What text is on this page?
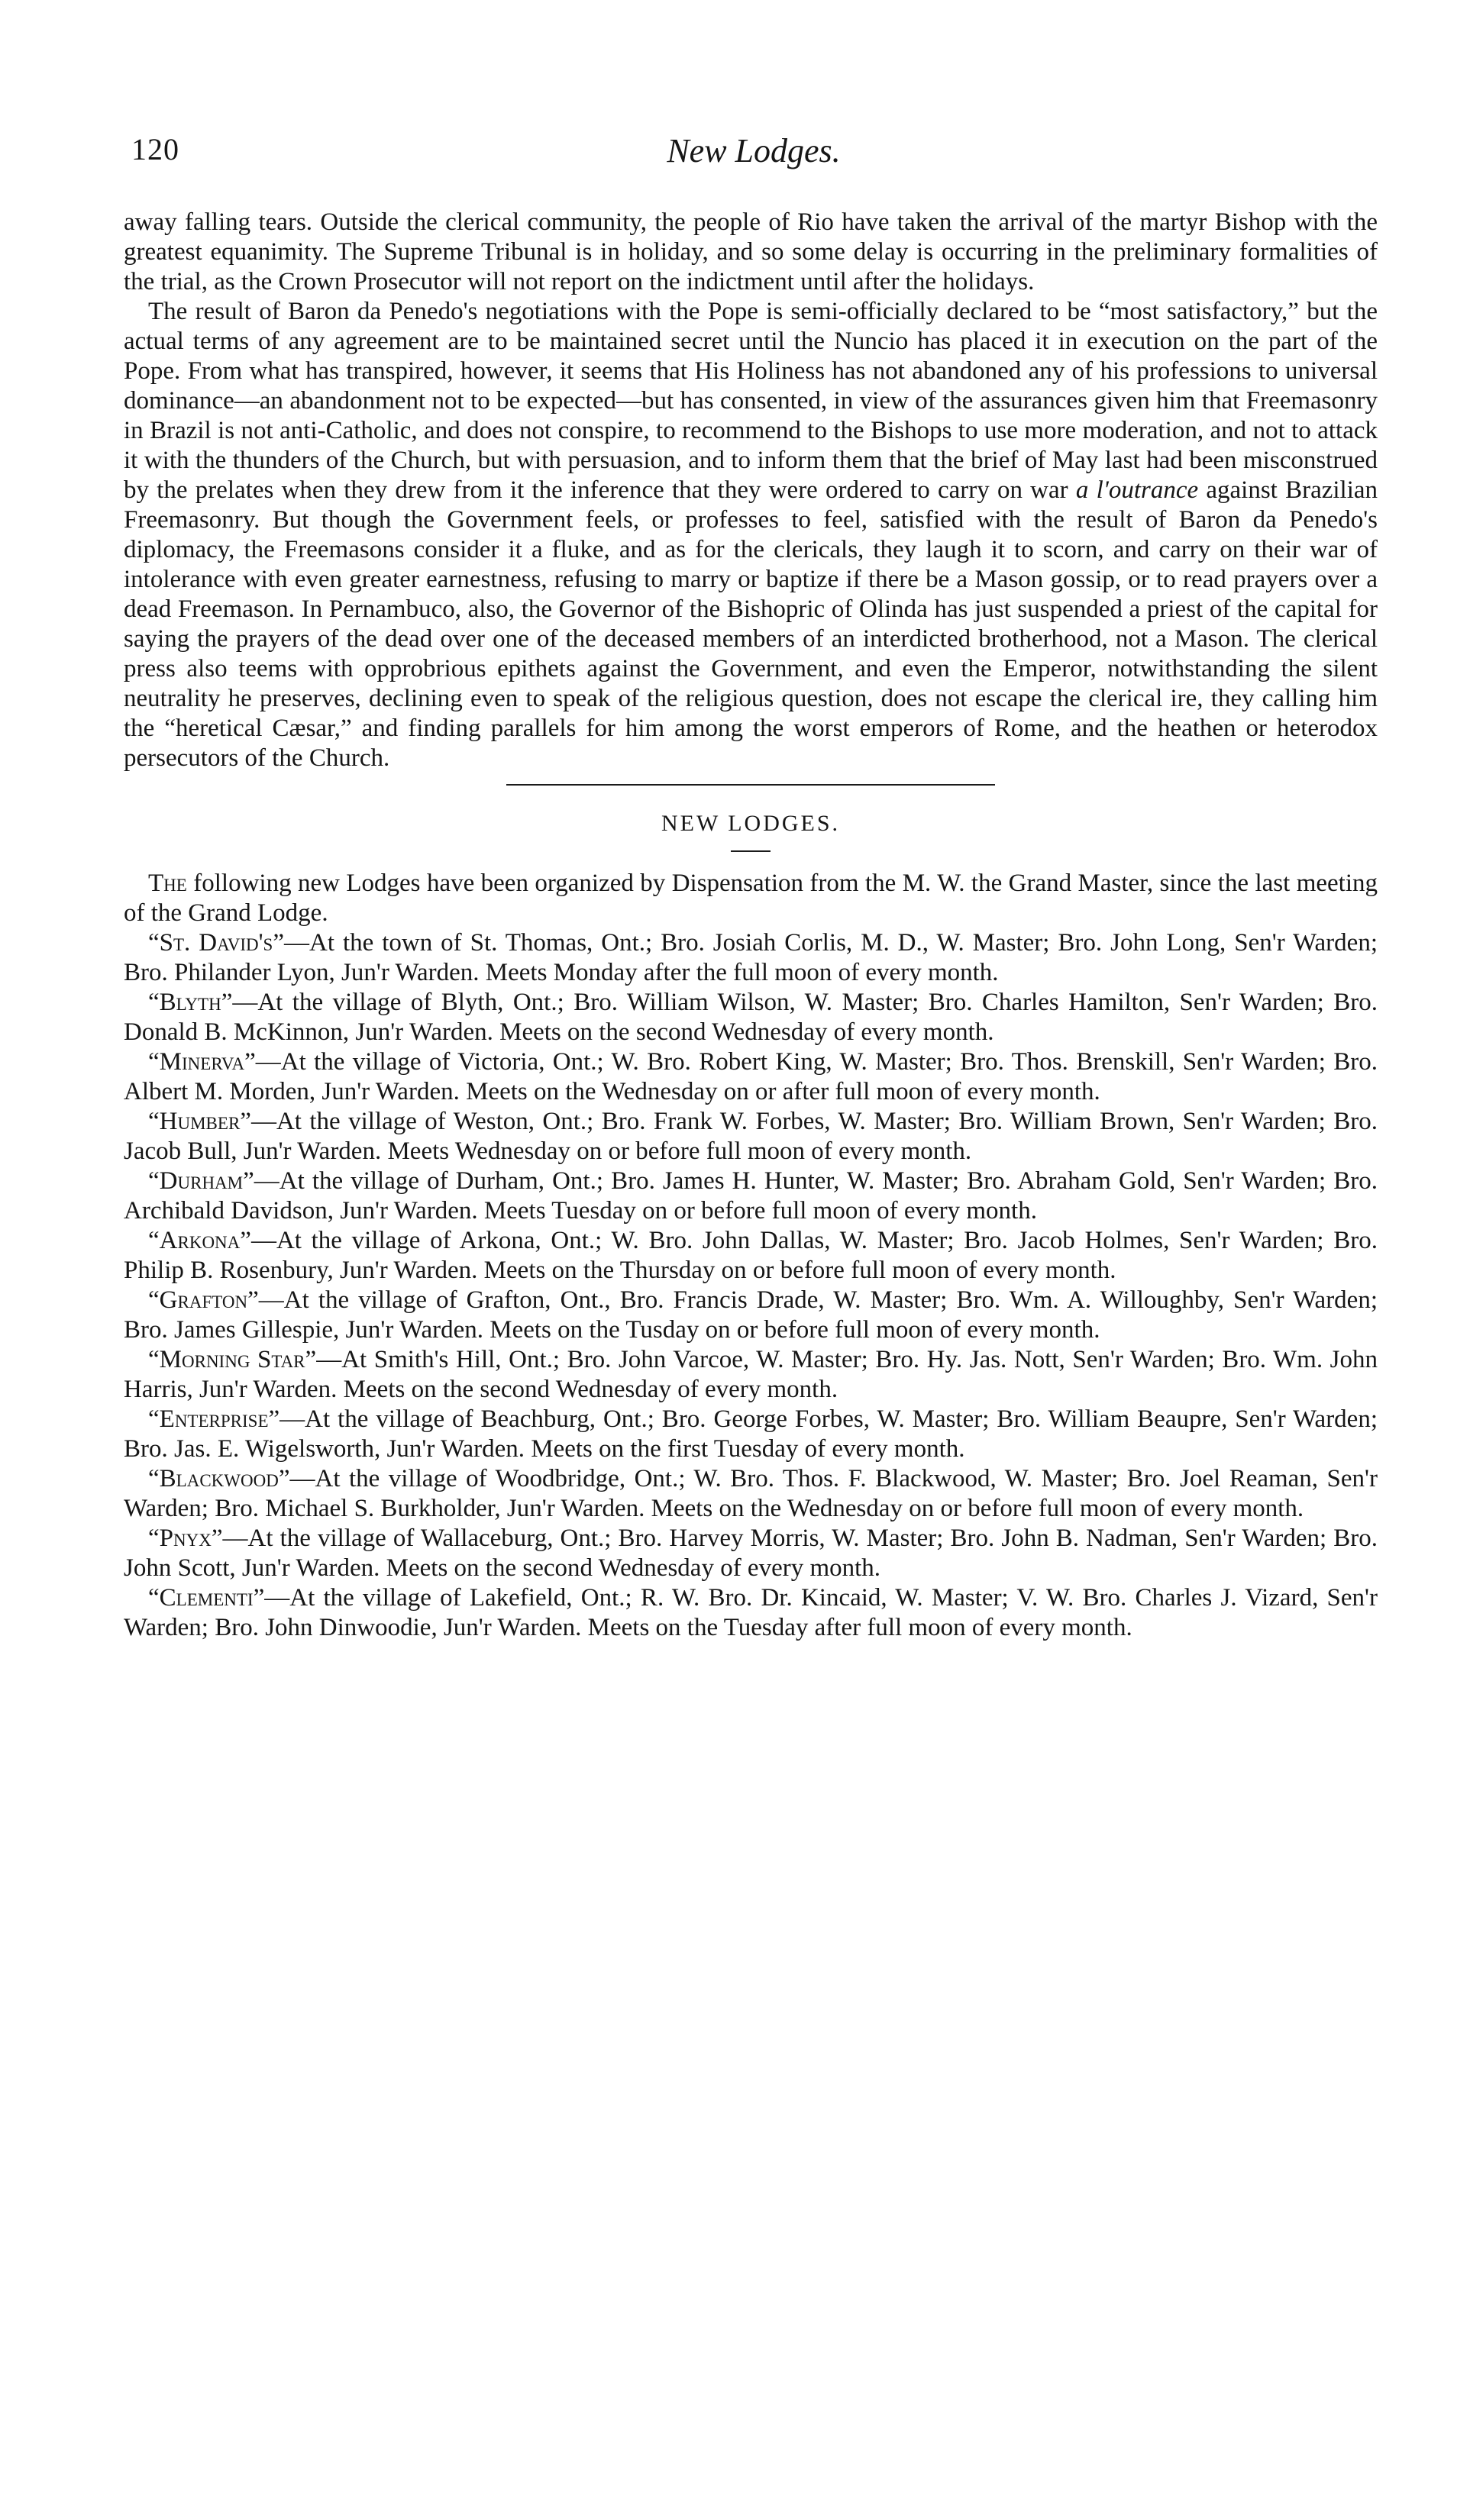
120	New Lodges.

away falling tears. Outside the clerical community, the people of Rio have taken the arrival of the martyr Bishop with the greatest equanimity. The Supreme Tribunal is in holiday, and so some delay is occurring in the preliminary formalities of the trial, as the Crown Prosecutor will not report on the indictment until after the holidays.

The result of Baron da Penedo's negotiations with the Pope is semi-officially declared to be “most satisfactory,” but the actual terms of any agreement are to be maintained secret until the Nuncio has placed it in execution on the part of the Pope. From what has transpired, however, it seems that His Holiness has not abandoned any of his professions to universal dominance—an abandonment not to be expected—but has consented, in view of the assurances given him that Freemasonry in Brazil is not anti-Catholic, and does not conspire, to recommend to the Bishops to use more moderation, and not to attack it with the thunders of the Church, but with persuasion, and to inform them that the brief of May last had been misconstrued by the prelates when they drew from it the inference that they were ordered to carry on war a l'outrance against Brazilian Freemasonry. But though the Government feels, or professes to feel, satisfied with the result of Baron da Penedo's diplomacy, the Freemasons consider it a fluke, and as for the clericals, they laugh it to scorn, and carry on their war of intolerance with even greater earnestness, refusing to marry or baptize if there be a Mason gossip, or to read prayers over a dead Freemason. In Pernambuco, also, the Governor of the Bishopric of Olinda has just suspended a priest of the capital for saying the prayers of the dead over one of the deceased members of an interdicted brotherhood, not a Mason. The clerical press also teems with opprobrious epithets against the Government, and even the Emperor, notwithstanding the silent neutrality he preserves, declining even to speak of the religious question, does not escape the clerical ire, they calling him the “heretical Cæsar,” and finding parallels for him among the worst emperors of Rome, and the heathen or heterodox persecutors of the Church.

NEW LODGES.

The following new Lodges have been organized by Dispensation from the M. W. the Grand Master, since the last meeting of the Grand Lodge.

“St. David's”—At the town of St. Thomas, Ont.; Bro. Josiah Corlis, M. D., W. Master; Bro. John Long, Sen'r Warden; Bro. Philander Lyon, Jun'r Warden. Meets Monday after the full moon of every month.

“Blyth”—At the village of Blyth, Ont.; Bro. William Wilson, W. Master; Bro. Charles Hamilton, Sen'r Warden; Bro. Donald B. McKinnon, Jun'r Warden. Meets on the second Wednesday of every month.

“Minerva”—At the village of Victoria, Ont.; W. Bro. Robert King, W. Master; Bro. Thos. Brenskill, Sen'r Warden; Bro. Albert M. Morden, Jun'r Warden. Meets on the Wednesday on or after full moon of every month.

“Humber”—At the village of Weston, Ont.; Bro. Frank W. Forbes, W. Master; Bro. William Brown, Sen'r Warden; Bro. Jacob Bull, Jun'r Warden. Meets Wednesday on or before full moon of every month.

“Durham”—At the village of Durham, Ont.; Bro. James H. Hunter, W. Master; Bro. Abraham Gold, Sen'r Warden; Bro. Archibald Davidson, Jun'r Warden. Meets Tuesday on or before full moon of every month.

“Arkona”—At the village of Arkona, Ont.; W. Bro. John Dallas, W. Master; Bro. Jacob Holmes, Sen'r Warden; Bro. Philip B. Rosenbury, Jun'r Warden. Meets on the Thursday on or before full moon of every month.

“Grafton”—At the village of Grafton, Ont., Bro. Francis Drade, W. Master; Bro. Wm. A. Willoughby, Sen'r Warden; Bro. James Gillespie, Jun'r Warden. Meets on the Tusday on or before full moon of every month.

“Morning Star”—At Smith's Hill, Ont.; Bro. John Varcoe, W. Master; Bro. Hy. Jas. Nott, Sen'r Warden; Bro. Wm. John Harris, Jun'r Warden. Meets on the second Wednesday of every month.

“Enterprise”—At the village of Beachburg, Ont.; Bro. George Forbes, W. Master; Bro. William Beaupre, Sen'r Warden; Bro. Jas. E. Wigelsworth, Jun'r Warden. Meets on the first Tuesday of every month.

“Blackwood”—At the village of Woodbridge, Ont.; W. Bro. Thos. F. Blackwood, W. Master; Bro. Joel Reaman, Sen'r Warden; Bro. Michael S. Burkholder, Jun'r Warden. Meets on the Wednesday on or before full moon of every month.

“Pnyx”—At the village of Wallaceburg, Ont.; Bro. Harvey Morris, W. Master; Bro. John B. Nadman, Sen'r Warden; Bro. John Scott, Jun'r Warden. Meets on the second Wednesday of every month.

“Clementi”—At the village of Lakefield, Ont.; R. W. Bro. Dr. Kincaid, W. Master; V. W. Bro. Charles J. Vizard, Sen'r Warden; Bro. John Dinwoodie, Jun'r Warden. Meets on the Tuesday after full moon of every month.
